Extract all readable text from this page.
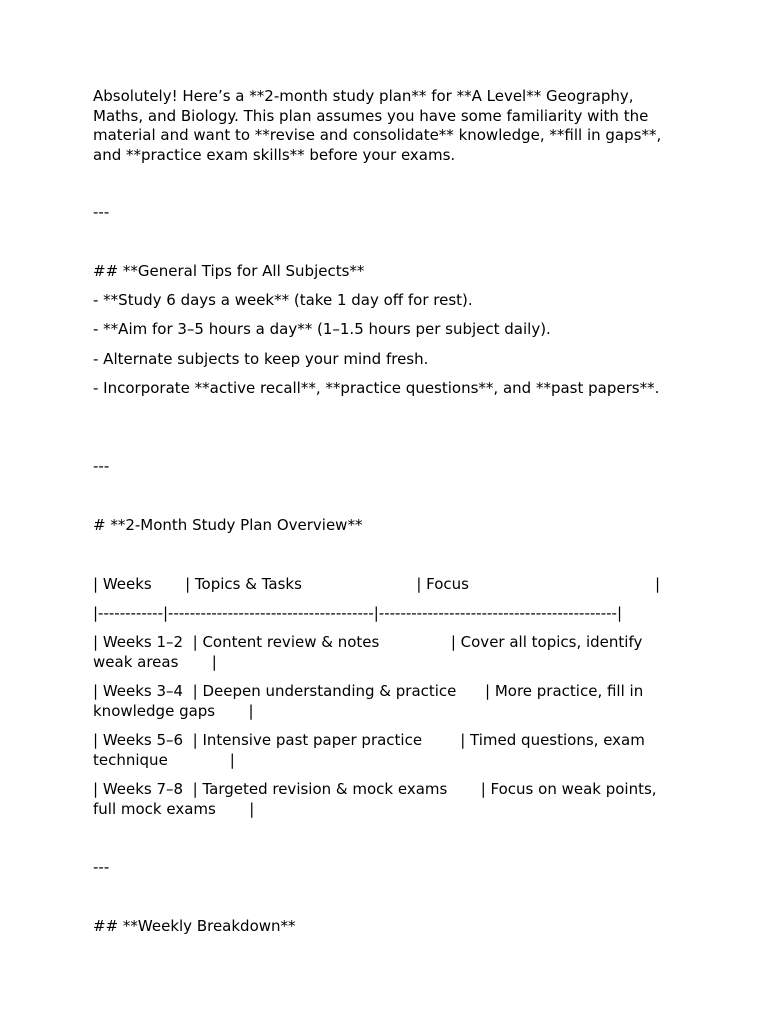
Absolutely! Here’s a **2-month study plan** for **A Level** Geography, Maths, and Biology. This plan assumes you have some familiarity with the material and want to **revise and consolidate** knowledge, **fill in gaps**, and **practice exam skills** before your exams.

---

## **General Tips for All Subjects**

- **Study 6 days a week** (take 1 day off for rest).

- **Aim for 3–5 hours a day** (1–1.5 hours per subject daily).

- Alternate subjects to keep your mind fresh.

- Incorporate **active recall**, **practice questions**, and **past papers**.

---

# **2-Month Study Plan Overview**

| Weeks       | Topics & Tasks                        | Focus                                       |

|------------|--------------------------------------|--------------------------------------------|

| Weeks 1–2  | Content review & notes               | Cover all topics, identify weak areas       |

| Weeks 3–4  | Deepen understanding & practice      | More practice, fill in knowledge gaps       |

| Weeks 5–6  | Intensive past paper practice        | Timed questions, exam technique             |

| Weeks 7–8  | Targeted revision & mock exams       | Focus on weak points, full mock exams       |

---

## **Weekly Breakdown**
